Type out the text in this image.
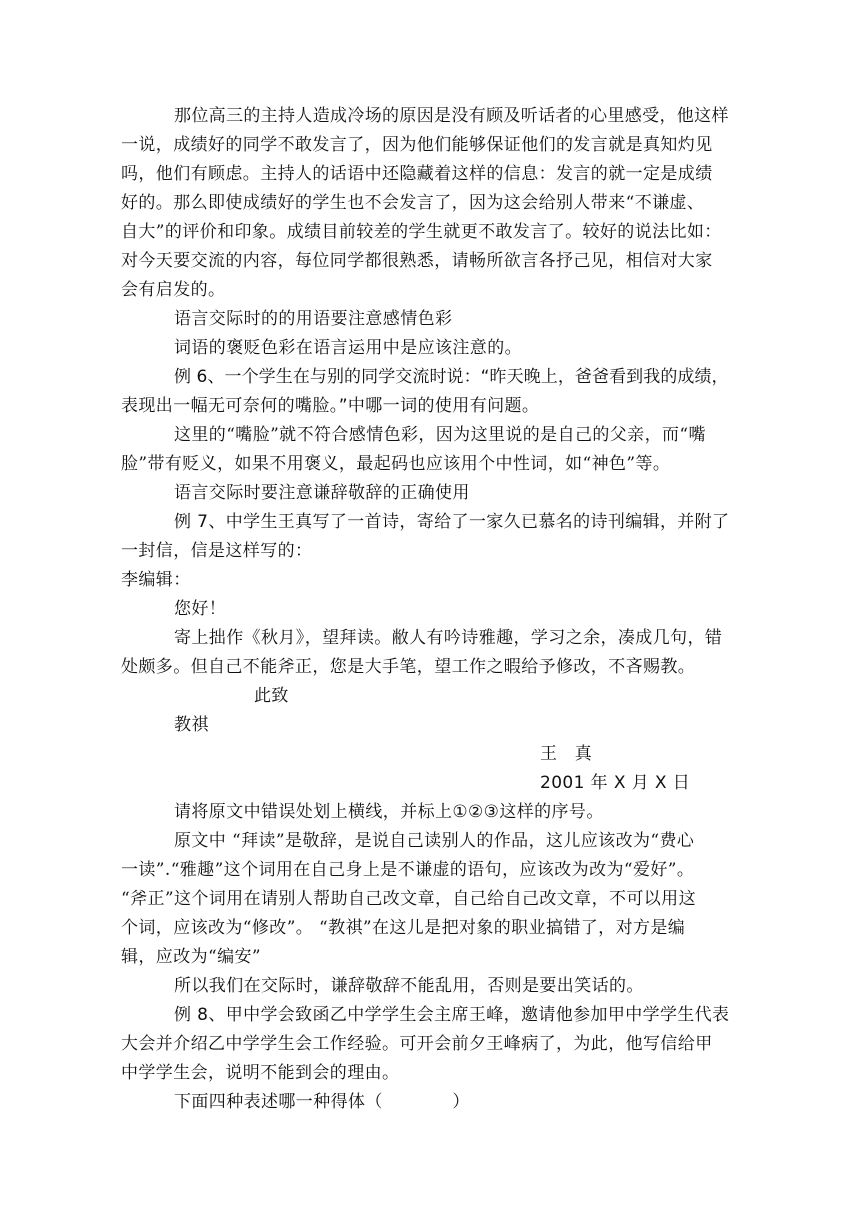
那位高三的主持人造成冷场的原因是没有顾及听话者的心里感受，他这样
一说，成绩好的同学不敢发言了，因为他们能够保证他们的发言就是真知灼见
吗，他们有顾虑。主持人的话语中还隐藏着这样的信息：发言的就一定是成绩
好的。那么即使成绩好的学生也不会发言了，因为这会给别人带来“不谦虚、
自大”的评价和印象。成绩目前较差的学生就更不敢发言了。较好的说法比如：
对今天要交流的内容，每位同学都很熟悉，请畅所欲言各抒己见，相信对大家
会有启发的。
语言交际时的的用语要注意感情色彩
词语的褒贬色彩在语言运用中是应该注意的。
例 6、一个学生在与别的同学交流时说：“昨天晚上，爸爸看到我的成绩，
表现出一幅无可奈何的嘴脸。”中哪一词的使用有问题。
这里的“嘴脸”就不符合感情色彩，因为这里说的是自己的父亲，而“嘴
脸”带有贬义，如果不用褒义，最起码也应该用个中性词，如“神色”等。
语言交际时要注意谦辞敬辞的正确使用
例 7、中学生王真写了一首诗，寄给了一家久已慕名的诗刊编辑，并附了
一封信，信是这样写的：
李编辑：
您好！
寄上拙作《秋月》，望拜读。敝人有吟诗雅趣，学习之余，凑成几句，错
处颇多。但自己不能斧正，您是大手笔，望工作之暇给予修改，不吝赐教。
此致
教祺
王　真
2001 年 X 月 X 日
请将原文中错误处划上横线，并标上①②③这样的序号。
原文中 “拜读”是敬辞，是说自己读别人的作品，这儿应该改为“费心
一读”.“雅趣”这个词用在自己身上是不谦虚的语句，应该改为改为“爱好”。
“斧正”这个词用在请别人帮助自己改文章，自己给自己改文章，不可以用这
个词，应该改为“修改”。 “教祺”在这儿是把对象的职业搞错了，对方是编
辑，应改为“编安”
所以我们在交际时，谦辞敬辞不能乱用，否则是要出笑话的。
例 8、甲中学会致函乙中学学生会主席王峰，邀请他参加甲中学学生代表
大会并介绍乙中学学生会工作经验。可开会前夕王峰病了，为此，他写信给甲
中学学生会，说明不能到会的理由。
下面四种表述哪一种得体（　　　　）
